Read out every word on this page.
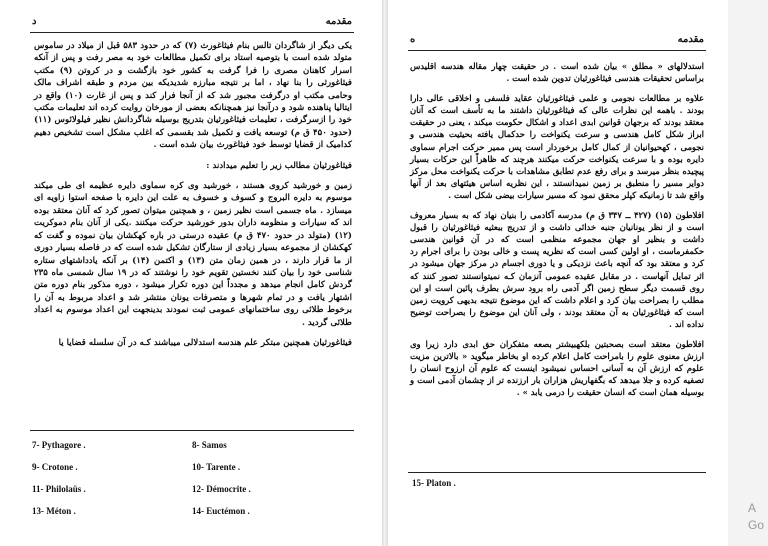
د	مقدمه

یکی دیگر از شاگردان تالس بنام فیثاغورث (۷) که در حدود ۵۸۳ قبل از میلاد در ساموس متولد شده است با بتوصیه استاد برای تکمیل مطالعات خود به مصر رفت و پس از آنکه اسرار کاهنان مصری را فرا گرفت به کشور خود بازگشت و در کروتن (۹) مکتب فیثاغورثی را بنا نهاد ، اما بر نتیجه مبارزه شدیدیکه بین مردم و طبقه اشراف مالک وحامی مکتب او درگرفت مجبور شد که از آنجا فرار کند و پس از غارت (۱۰) واقع در ایتالیا پناهنده شود و درآنجا نیز همچنانکه بعضی از مورخان روایت کرده اند تعلیمات مکتب خود را ازسرگرفت ، تعلیمات فیثاغورثیان بتدریج بوسیله شاگردانش نظیر فیلولائوس (۱۱) (حدود ۴۵۰ ق م) توسعه یافت و تکمیل شد بقسمی که اغلب مشکل است تشخیص دهیم کدامیک از قضایا توسط خود فیثاغورث بیان شده است .

فیثاغورثیان مطالب زیر را تعلیم میدادند :

زمین و خورشید کروی هستند ، خورشید وی کره سماوی دایره عظیمه ای طی میکند موسوم به دایره البروج و کسوف و خسوف به علت این دایره با صفحه استوا زاویه ای میسازد . ماه جسمی است نظیر زمین ، و همچنین میتوان تصور کرد که آنان معتقد بوده اند که سیارات و منظومه داران بدور خورشید حرکت میکنند .یکی از آنان بنام دموکریت (۱۲) (متولد در حدود ۴۷۰ ق م) عقیده درستی در باره کهکشان بیان نموده و گفت که کهکشان از مجموعه بسیار زیادی از ستارگان تشکیل شده است که در فاصله بسیار دوری از ما قرار دارند ، در همین زمان متن (۱۳) و اکتمن (۱۴) بر آنکه یادداشتهای ستاره شناسی خود را بیان کنند نخستین تقویم خود را نوشتند که در ۱۹ سال شمسی ماه ۲۳۵ گردش کامل انجام میدهد و مجدداً این دوره تکرار میشود ، دوره مذکور بنام دوره متن اشتهار یافت و در تمام شهرها و متصرفات یونان منتشر شد و اعداد مربوط به آن را برخوط طلائی روی ساختمانهای عمومی ثبت نمودند بدینجهت این اعداد موسوم به اعداد طلائی گردید .

فیثاغورثیان همچنین مبتکر علم هندسه استدلالی میباشند کـه در آن سلسله قضایا یا

7- Pythagore .	8- Samos
9- Crotone .	10- Tarente .
11- Philolaüs .	12- Démocrite .
13- Méton .	14- Euctémon .
ه	مقدمه

استدلالهای « مطلق » بیان شده است . در حقیقت چهار مقاله هندسه اقلیدس براساس تحقیقات هندسی فیثاغورثیان تدوین شده است .

علاوه بر مطالعات نجومی و علمی فیثاغورثیان عقاید فلسفی و اخلاقی عالی دارا بودند . باهمه این نظرات عالی که فیثاغورثیان داشتند ما به تأسف است که آنان معتقد بودند که برجهان قوانین ابدی اعداد و اشکال حکومت میکند ، یعنی در حقیقت ابراز شکل کامل هندسی و سرعت یکنواخت را حدکمال یافته بحیثیت هندسی و نجومی ، کهحیوانیان از کمال کامل برخوردار است پس ممیر حرکت اجرام سماوی دایره بوده و با سرعت یکنواخت حرکت میکنند هرچند که ظاهراً این حرکات بسیار پیچیده بنظر میرسد و برای رفع عدم تطابق مشاهدات با حرکت یکنواخت محل مرکز دوایر مسیر را منطبق بر زمین نمیدانستند ، این نظریه اساس هیئتهای بعد از آنها واقع شد تا زمانیکه کپلر محقق نمود که مسیر سیارات بیضی شکل است .

افلاطون (۱۵) (۴۲۷ ــ ۳۴۷ ق م) مدرسه آکادمی را بنیان نهاد که به بسیار معروف است و از نظر یونانیان جنبه خدائی داشت و از تدریج ببعثیه فیثاغورثیان را قبول داشت و بنظیر او جهان مجموعه منظمی است که در آن قوانین هندسی حکمفرماست ، او اولین کسی است که نظریه پست و خالی بودن را برای اجرام رد کرد و معتقد بود که آنچه باعث نزدیکی و یا دوری اجسام در مرکز جهان میشود در اثر تمایل آنهاست . در مقابل عقیده عمومی آنزمان کـه نمیتوانستند تصور کنند که روی قسمت دیگر سطح زمین اگر آدمی راه برود سرش بطرف پائین است او این مطلب را بصراحت بیان کرد و اعلام داشت که این موضوع نتیجه بدیهی کرویت زمین است که فیثاغورثیان به آن معتقد بودند ، ولی آنان این موضوع را بصراحت توضیح نداده اند .

افلاطون معتقد است بصحبتین بلکهبیشتر بصعه متفکران حق ابدی دارد زیرا وی ارزش معنوی علوم را بامراحت کامل اعلام کرده او بخاطر میگوید « بالاترین مزیت علوم که ارزش آن به آسانی احساس نمیشود اینست که علوم آن ارزوح انسان را تصفیه کرده و جلا میدهد که بگفهاریش هزاران بار ارزنده تر از چشمان آدمی است و بوسیله همان است که انسان حقیقت را درمی یابد » .

15- Platon .
A
Go
